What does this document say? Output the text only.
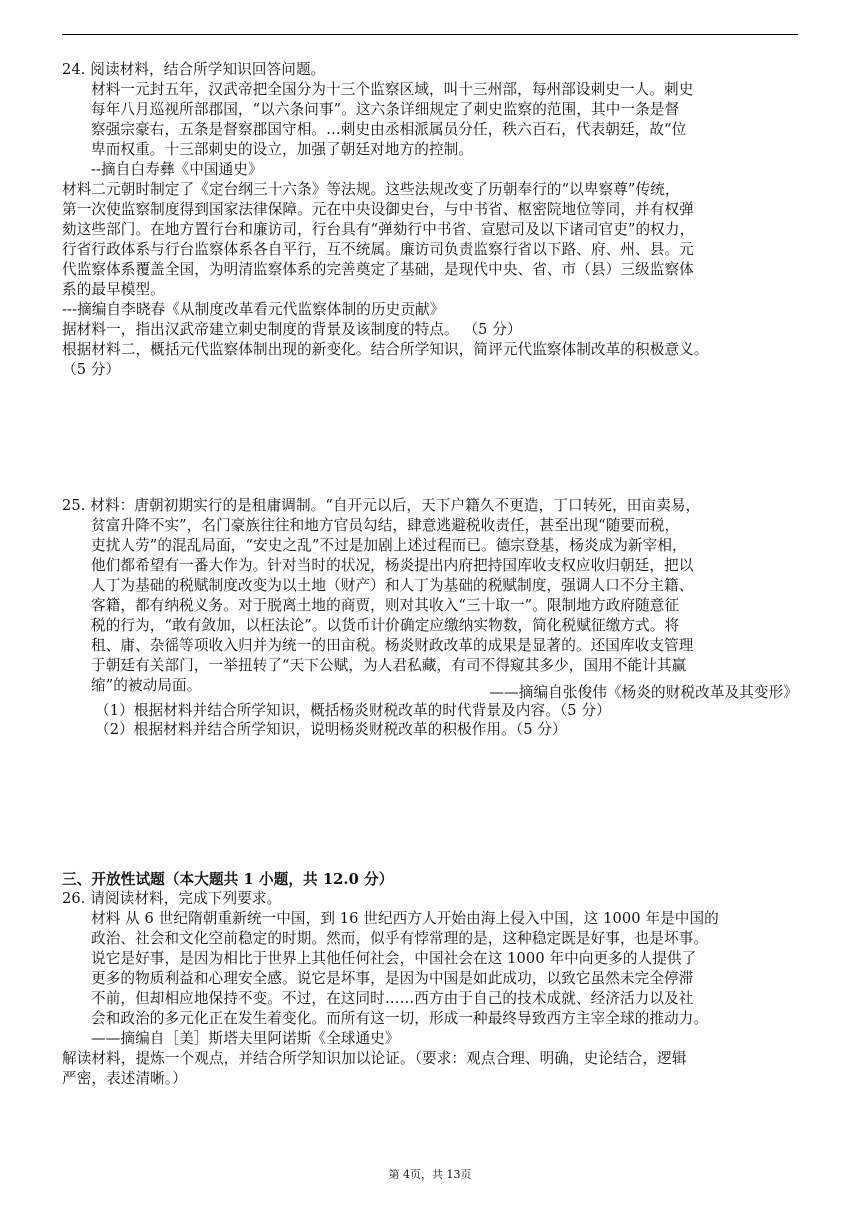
24. 阅读材料，结合所学知识回答问题。
材料一元封五年，汉武帝把全国分为十三个监察区域，叫十三州部，每州部设刺史一人。刺史
每年八月巡视所部郡国，“以六条问事”。这六条详细规定了刺史监察的范围，其中一条是督
察强宗豪右，五条是督察郡国守相。…刺史由丞相派属员分任，秩六百石，代表朝廷，故“位
卑而权重。十三部刺史的设立，加强了朝廷对地方的控制。
--摘自白寿彝《中国通史》
材料二元朝时制定了《定台纲三十六条》等法规。这些法规改变了历朝奉行的“以卑察尊”传统，
第一次使监察制度得到国家法律保障。元在中央设御史台，与中书省、枢密院地位等同，并有权弹
劾这些部门。在地方置行台和廉访司，行台具有“弹劾行中书省、宣慰司及以下诸司官吏”的权力，
行省行政体系与行台监察体系各自平行，互不统属。廉访司负责监察行省以下路、府、州、县。元
代监察体系覆盖全国，为明清监察体系的完善奠定了基础，是现代中央、省、市（县）三级监察体
系的最早模型。
---摘编自李晓春《从制度改革看元代监察体制的历史贡献》
据材料一，指出汉武帝建立刺史制度的背景及该制度的特点。 （5 分）
根据材料二，概括元代监察体制出现的新变化。结合所学知识，简评元代监察体制改革的积极意义。
（5 分）
25. 材料：唐朝初期实行的是租庸调制。“自开元以后，天下户籍久不更造，丁口转死，田亩卖易，
贫富升降不实”，名门豪族往往和地方官员勾结，肆意逃避税收责任，甚至出现“随要而税，
吏扰人劳”的混乱局面，“安史之乱”不过是加剧上述过程而已。德宗登基，杨炎成为新宰相，
他们都希望有一番大作为。针对当时的状况，杨炎提出内府把持国库收支权应收归朝廷，把以
人丁为基础的税赋制度改变为以土地（财产）和人丁为基础的税赋制度，强调人口不分主籍、
客籍，都有纳税义务。对于脱离土地的商贾，则对其收入“三十取一”。限制地方政府随意征
税的行为，“敢有敛加，以枉法论”。以货币计价确定应缴纳实物数，简化税赋征缴方式。将
租、庸、杂徭等项收入归并为统一的田亩税。杨炎财政改革的成果是显著的。还国库收支管理
于朝廷有关部门，一举扭转了“天下公赋，为人君私藏，有司不得窥其多少，国用不能计其赢
缩”的被动局面。	——摘编自张俊伟《杨炎的财税改革及其变形》
（1）根据材料并结合所学知识，概括杨炎财税改革的时代背景及内容。（5 分）
（2）根据材料并结合所学知识，说明杨炎财税改革的积极作用。（5 分）
三、开放性试题（本大题共 1 小题，共 12.0 分）
26. 请阅读材料，完成下列要求。
材料 从 6 世纪隋朝重新统一中国，到 16 世纪西方人开始由海上侵入中国，这 1000 年是中国的
政治、社会和文化空前稳定的时期。然而，似乎有悖常理的是，这种稳定既是好事，也是坏事。
说它是好事，是因为相比于世界上其他任何社会，中国社会在这 1000 年中向更多的人提供了
更多的物质利益和心理安全感。说它是坏事，是因为中国是如此成功，以致它虽然未完全停滞
不前，但却相应地保持不变。不过，在这同时……西方由于自己的技术成就、经济活力以及社
会和政治的多元化正在发生着变化。而所有这一切，形成一种最终导致西方主宰全球的推动力。
——摘编自［美］斯塔夫里阿诺斯《全球通史》
解读材料，提炼一个观点，并结合所学知识加以论证。（要求：观点合理、明确，史论结合，逻辑
严密，表述清晰。）
第 4页，共 13页
